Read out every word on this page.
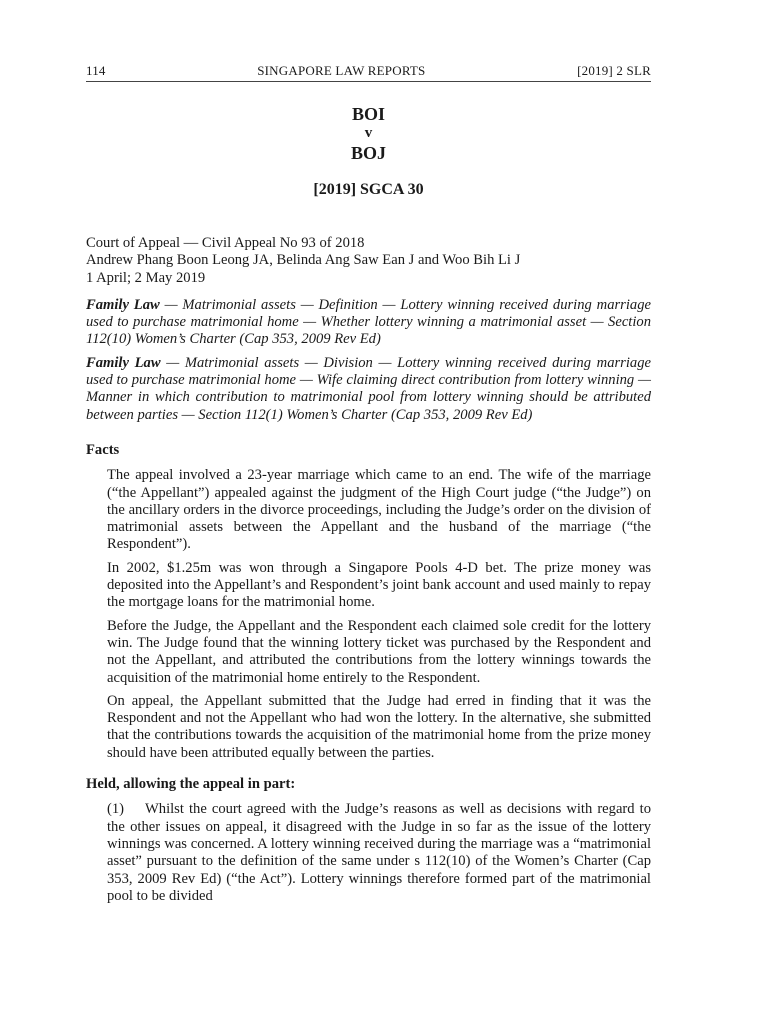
114	SINGAPORE LAW REPORTS	[2019] 2 SLR
BOI
v
BOJ
[2019] SGCA 30

Court of Appeal — Civil Appeal No 93 of 2018

Andrew Phang Boon Leong JA, Belinda Ang Saw Ean J and Woo Bih Li J

1 April; 2 May 2019

Family Law — Matrimonial assets — Definition — Lottery winning received during marriage used to purchase matrimonial home — Whether lottery winning a matrimonial asset — Section 112(10) Women’s Charter (Cap 353, 2009 Rev Ed)

Family Law — Matrimonial assets — Division — Lottery winning received during marriage used to purchase matrimonial home — Wife claiming direct contribution from lottery winning — Manner in which contribution to matrimonial pool from lottery winning should be attributed between parties — Section 112(1) Women’s Charter (Cap 353, 2009 Rev Ed)

Facts

The appeal involved a 23-year marriage which came to an end. The wife of the marriage (“the Appellant”) appealed against the judgment of the High Court judge (“the Judge”) on the ancillary orders in the divorce proceedings, including the Judge’s order on the division of matrimonial assets between the Appellant and the husband of the marriage (“the Respondent”).

In 2002, $1.25m was won through a Singapore Pools 4-D bet. The prize money was deposited into the Appellant’s and Respondent’s joint bank account and used mainly to repay the mortgage loans for the matrimonial home.

Before the Judge, the Appellant and the Respondent each claimed sole credit for the lottery win. The Judge found that the winning lottery ticket was purchased by the Respondent and not the Appellant, and attributed the contributions from the lottery winnings towards the acquisition of the matrimonial home entirely to the Respondent.

On appeal, the Appellant submitted that the Judge had erred in finding that it was the Respondent and not the Appellant who had won the lottery. In the alternative, she submitted that the contributions towards the acquisition of the matrimonial home from the prize money should have been attributed equally between the parties.

Held, allowing the appeal in part:

(1) Whilst the court agreed with the Judge’s reasons as well as decisions with regard to the other issues on appeal, it disagreed with the Judge in so far as the issue of the lottery winnings was concerned. A lottery winning received during the marriage was a “matrimonial asset” pursuant to the definition of the same under s 112(10) of the Women’s Charter (Cap 353, 2009 Rev Ed) (“the Act”). Lottery winnings therefore formed part of the matrimonial pool to be divided
